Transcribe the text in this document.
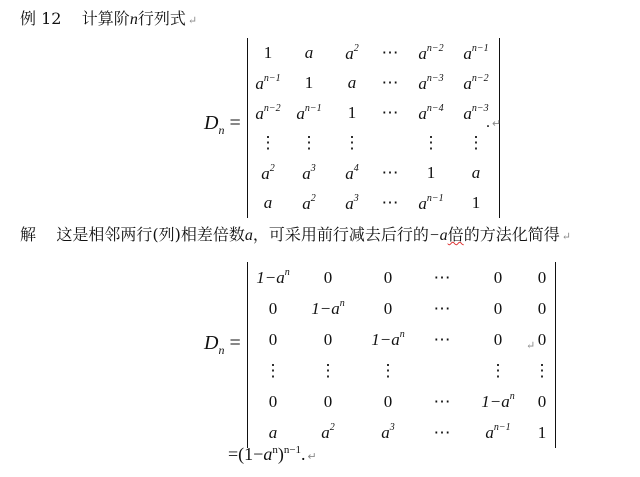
例 12 计算阶n行列式 ↵
$D_n$ =
1	a	$a^2$	⋯	$a^{n-2}$	$a^{n-1}$
$a^{n-1}$	1	a	⋯	$a^{n-3}$	$a^{n-2}$
$a^{n-2}$	$a^{n-1}$	1	⋯	$a^{n-4}$	$a^{n-3}$
⋮	⋮	⋮		⋮	⋮
$a^2$	$a^3$	$a^4$	⋯	1	a
a	$a^2$	$a^3$	⋯	$a^{n-1}$	1
. ↵
解 这是相邻两行(列)相差倍数a，可采用前行减去后行的−a倍的方法化简得 ↵
$D_n$ =
$1-a^n$	0	0	⋯	0	0
0	$1-a^n$	0	⋯	0	0
0	0	$1-a^n$	⋯	0	0
⋮	⋮	⋮		⋮	⋮
0	0	0	⋯	$1-a^n$	0
a	$a^2$	$a^3$	⋯	$a^{n-1}$	1
↵
$=(1-a^n)^{n-1}$. ↵
